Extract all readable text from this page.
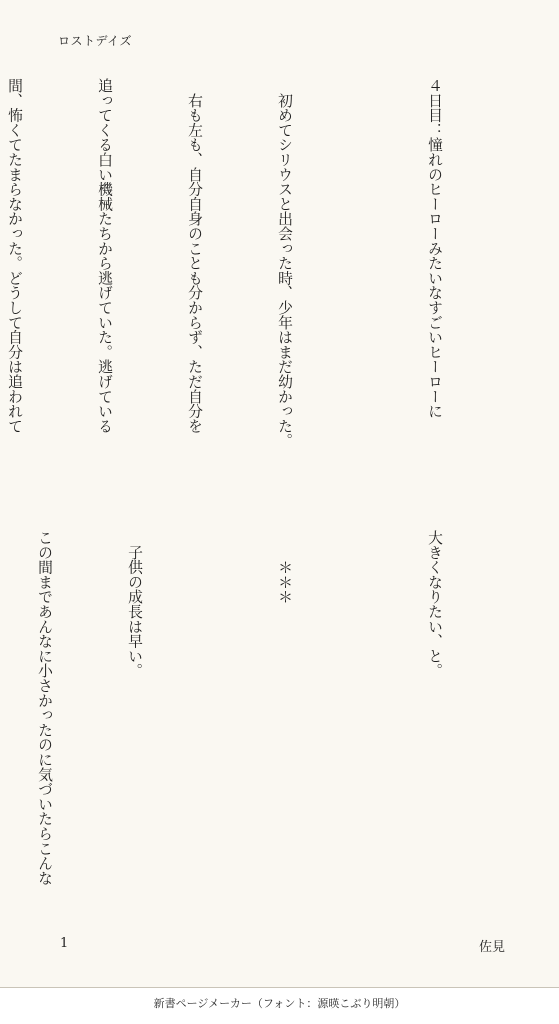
ロストデイズ

４日目：憧れのヒーローみたいなすごいヒーローに

　初めてシリウスと出会った時、少年はまだ幼かった。

　右も左も、自分自身のことも分からず、ただ自分を

追ってくる白い機械たちから逃げていた。逃げている

間、怖くてたまらなかった。どうして自分は追われて

大きくなりたい、と。

　　＊＊＊

　子供の成長は早い。

この間まであんなに小さかったのに気づいたらこんな

1	佐見
新書ページメーカー（フォント：源暎こぶり明朝）
